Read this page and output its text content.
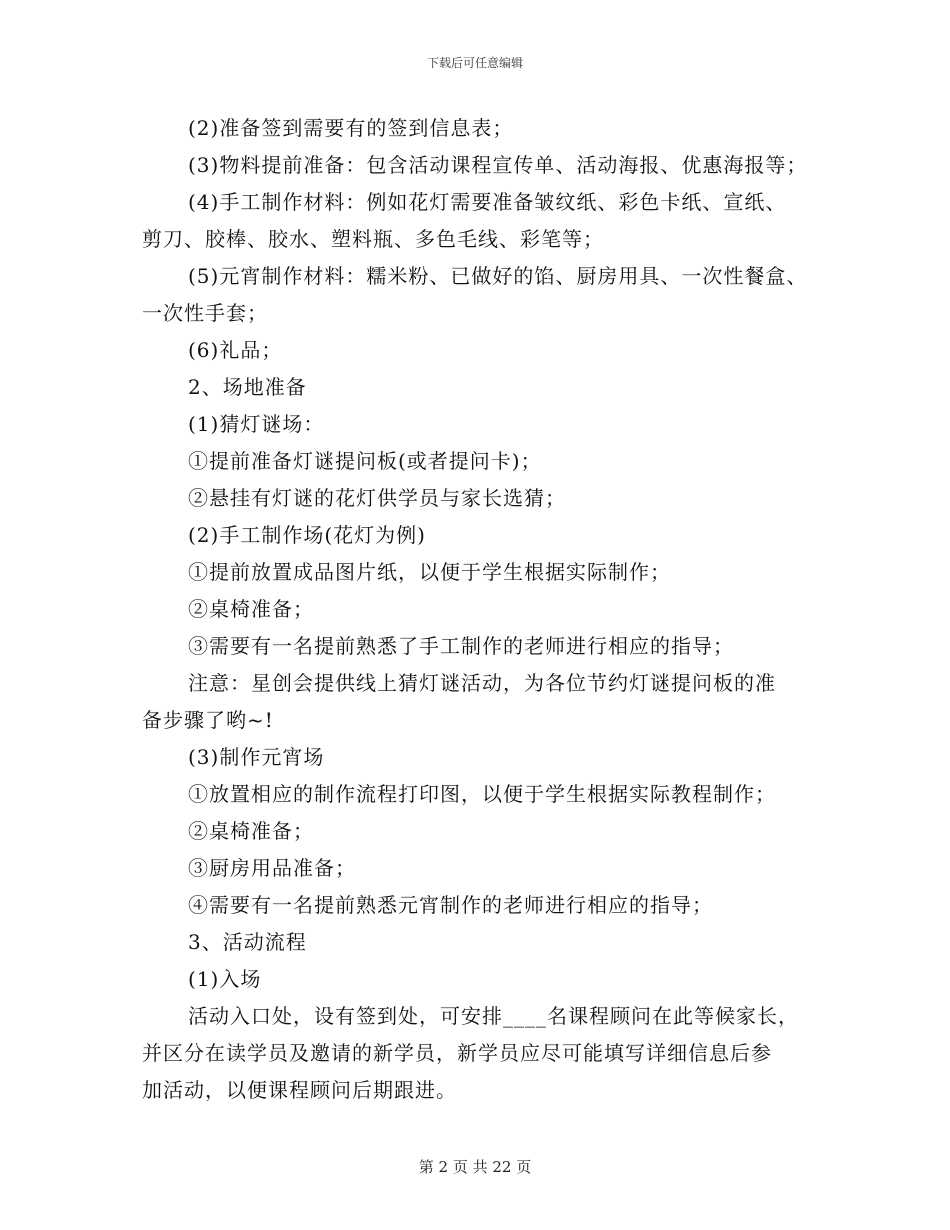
下载后可任意编辑
(2)准备签到需要有的签到信息表；
(3)物料提前准备：包含活动课程宣传单、活动海报、优惠海报等；
(4)手工制作材料：例如花灯需要准备皱纹纸、彩色卡纸、宣纸、
剪刀、胶棒、胶水、塑料瓶、多色毛线、彩笔等；
(5)元宵制作材料：糯米粉、已做好的馅、厨房用具、一次性餐盒、
一次性手套；
(6)礼品；
2、场地准备
(1)猜灯谜场：
①提前准备灯谜提问板(或者提问卡)；
②悬挂有灯谜的花灯供学员与家长选猜；
(2)手工制作场(花灯为例)
①提前放置成品图片纸，以便于学生根据实际制作；
②桌椅准备；
③需要有一名提前熟悉了手工制作的老师进行相应的指导；
注意：星创会提供线上猜灯谜活动，为各位节约灯谜提问板的准
备步骤了哟~!
(3)制作元宵场
①放置相应的制作流程打印图，以便于学生根据实际教程制作；
②桌椅准备；
③厨房用品准备；
④需要有一名提前熟悉元宵制作的老师进行相应的指导；
3、活动流程
(1)入场
活动入口处，设有签到处，可安排____名课程顾问在此等候家长，
并区分在读学员及邀请的新学员，新学员应尽可能填写详细信息后参
加活动，以便课程顾问后期跟进。
第 2 页 共 22 页
